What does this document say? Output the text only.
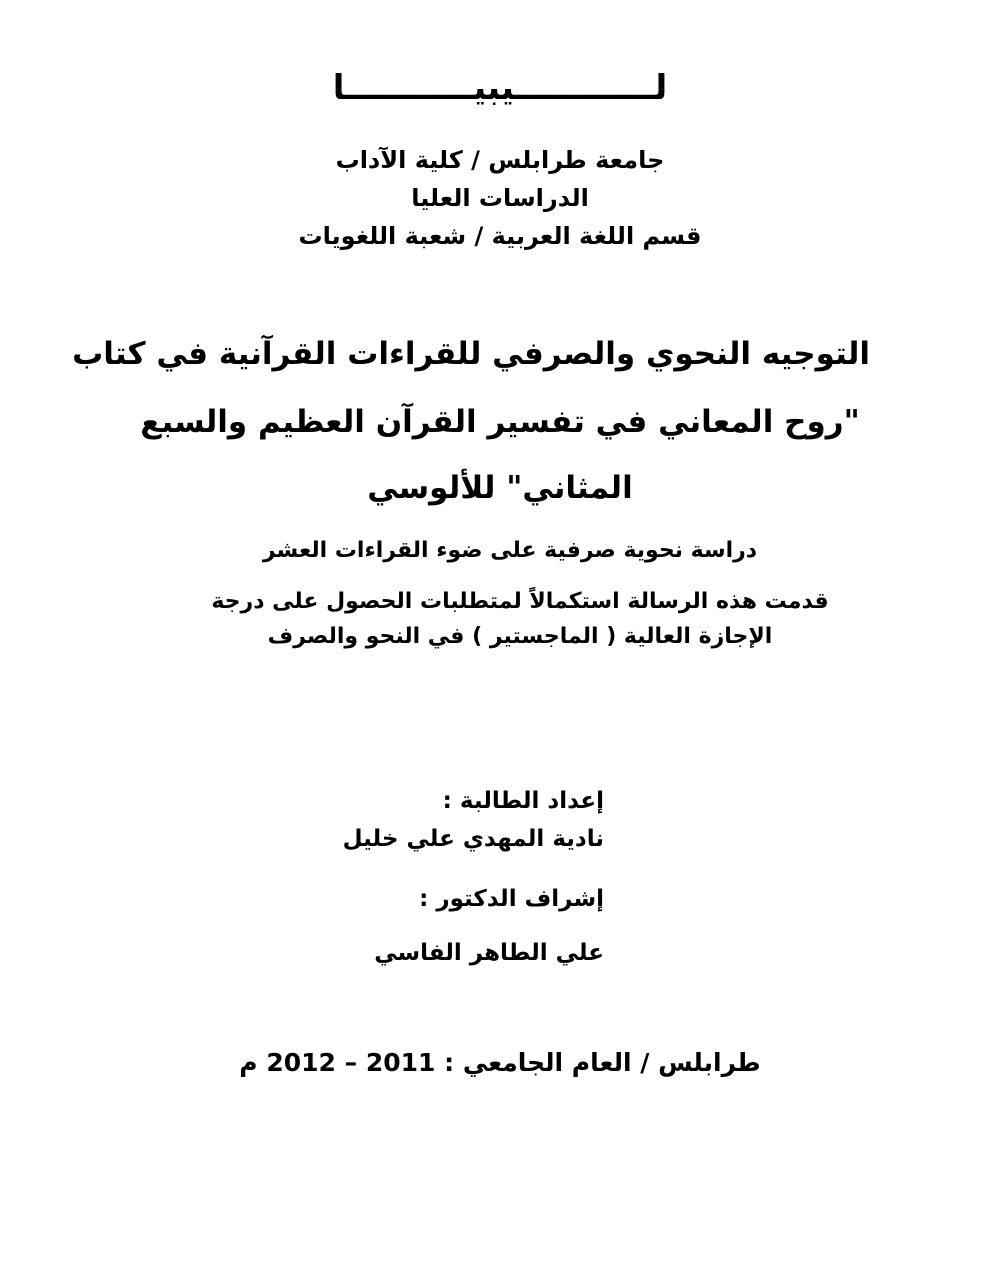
لــــــــــــيبيـــــــــــا
جامعة طرابلس / كلية الآداب
الدراسات العليا
قسم اللغة العربية / شعبة اللغويات
التوجيه النحوي والصرفي للقراءات القرآنية في كتاب
"روح المعاني في تفسير القرآن العظيم والسبع
المثاني" للألوسي
دراسة نحوية صرفية على ضوء القراءات العشر
قدمت هذه الرسالة استكمالاً لمتطلبات الحصول على درجة
الإجازة العالية ( الماجستير ) في النحو والصرف
إعداد الطالبة :
نادية المهدي علي خليل
إشراف الدكتور :
علي الطاهر الفاسي
طرابلس / العام الجامعي : 2011 – 2012 م
